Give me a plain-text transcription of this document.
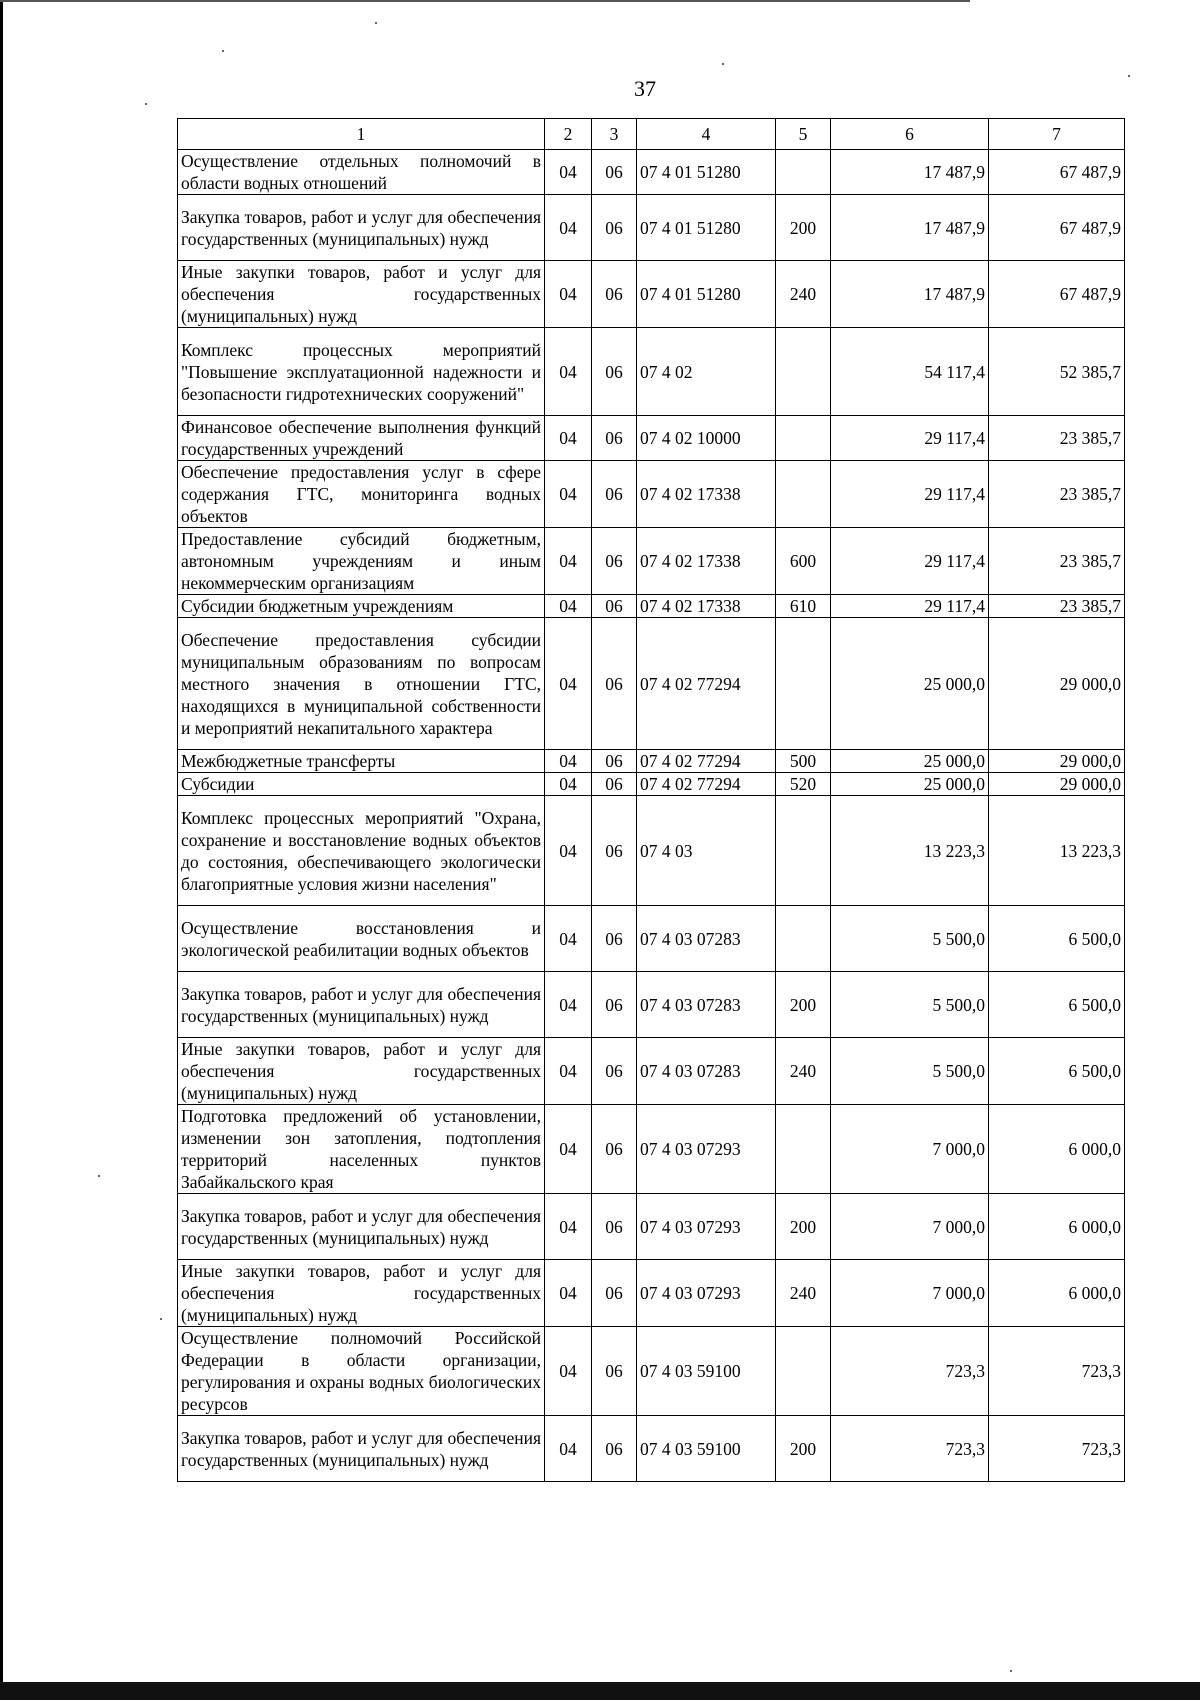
37
1	2	3	4	5	6	7
Осуществление отдельных полномочий в области водных отношений	04	06	07 4 01 51280		17 487,9	67 487,9
Закупка товаров, работ и услуг для обеспечения государственных (муниципальных) нужд	04	06	07 4 01 51280	200	17 487,9	67 487,9
Иные закупки товаров, работ и услуг для обеспечения государственных (муниципальных) нужд	04	06	07 4 01 51280	240	17 487,9	67 487,9
Комплекс процессных мероприятий "Повышение эксплуатационной надежности и безопасности гидротехнических сооружений"	04	06	07 4 02		54 117,4	52 385,7
Финансовое обеспечение выполнения функций государственных учреждений	04	06	07 4 02 10000		29 117,4	23 385,7
Обеспечение предоставления услуг в сфере содержания ГТС, мониторинга водных объектов	04	06	07 4 02 17338		29 117,4	23 385,7
Предоставление субсидий бюджетным, автономным учреждениям и иным некоммерческим организациям	04	06	07 4 02 17338	600	29 117,4	23 385,7
Субсидии бюджетным учреждениям	04	06	07 4 02 17338	610	29 117,4	23 385,7
Обеспечение предоставления субсидии муниципальным образованиям по вопросам местного значения в отношении ГТС, находящихся в муниципальной собственности и мероприятий некапитального характера	04	06	07 4 02 77294		25 000,0	29 000,0
Межбюджетные трансферты	04	06	07 4 02 77294	500	25 000,0	29 000,0
Субсидии	04	06	07 4 02 77294	520	25 000,0	29 000,0
Комплекс процессных мероприятий "Охрана, сохранение и восстановление водных объектов до состояния, обеспечивающего экологически благоприятные условия жизни населения"	04	06	07 4 03		13 223,3	13 223,3
Осуществление восстановления и экологической реабилитации водных объектов	04	06	07 4 03 07283		5 500,0	6 500,0
Закупка товаров, работ и услуг для обеспечения государственных (муниципальных) нужд	04	06	07 4 03 07283	200	5 500,0	6 500,0
Иные закупки товаров, работ и услуг для обеспечения государственных (муниципальных) нужд	04	06	07 4 03 07283	240	5 500,0	6 500,0
Подготовка предложений об установлении, изменении зон затопления, подтопления территорий населенных пунктов Забайкальского края	04	06	07 4 03 07293		7 000,0	6 000,0
Закупка товаров, работ и услуг для обеспечения государственных (муниципальных) нужд	04	06	07 4 03 07293	200	7 000,0	6 000,0
Иные закупки товаров, работ и услуг для обеспечения государственных (муниципальных) нужд	04	06	07 4 03 07293	240	7 000,0	6 000,0
Осуществление полномочий Российской Федерации в области организации, регулирования и охраны водных биологических ресурсов	04	06	07 4 03 59100		723,3	723,3
Закупка товаров, работ и услуг для обеспечения государственных (муниципальных) нужд	04	06	07 4 03 59100	200	723,3	723,3
